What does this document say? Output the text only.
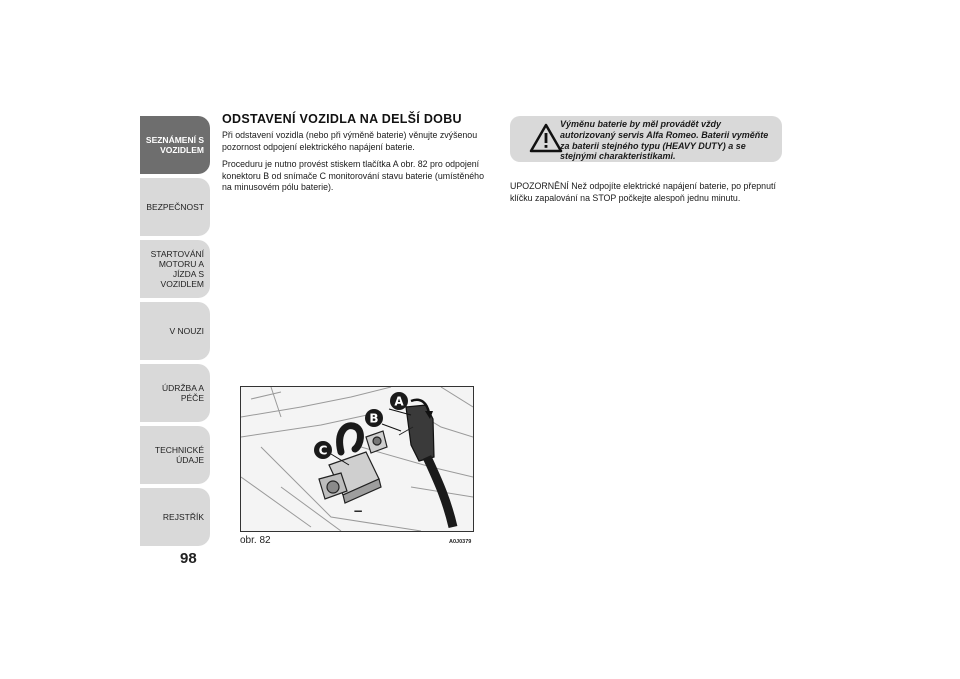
SEZNÁMENÍ S
VOZIDLEM
BEZPEČNOST
STARTOVÁNÍ
MOTORU A JÍZDA S
VOZIDLEM
V NOUZI
ÚDRŽBA A PÉČE
TECHNICKÉ ÚDAJE
REJSTŘÍK
98
ODSTAVENÍ VOZIDLA NA DELŠÍ DOBU

Při odstavení vozidla (nebo při výměně baterie) věnujte zvýšenou pozornost odpojení elektrického napájení baterie.

Proceduru je nutno provést stiskem tlačítka A obr. 82 pro odpojení konektoru B od snímače C monitorování stavu baterie (umístěného na minusovém pólu baterie).

Výměnu baterie by měl provádět vždy autorizovaný servis Alfa Romeo. Baterii vyměňte za baterii stejného typu (HEAVY DUTY) a se stejnými charakteristikami.

UPOZORNĚNÍ Než odpojíte elektrické napájení baterie, po přepnutí klíčku zapalování na STOP počkejte alespoň jednu minutu.

−
A
B
C
obr. 82	A0J0379
